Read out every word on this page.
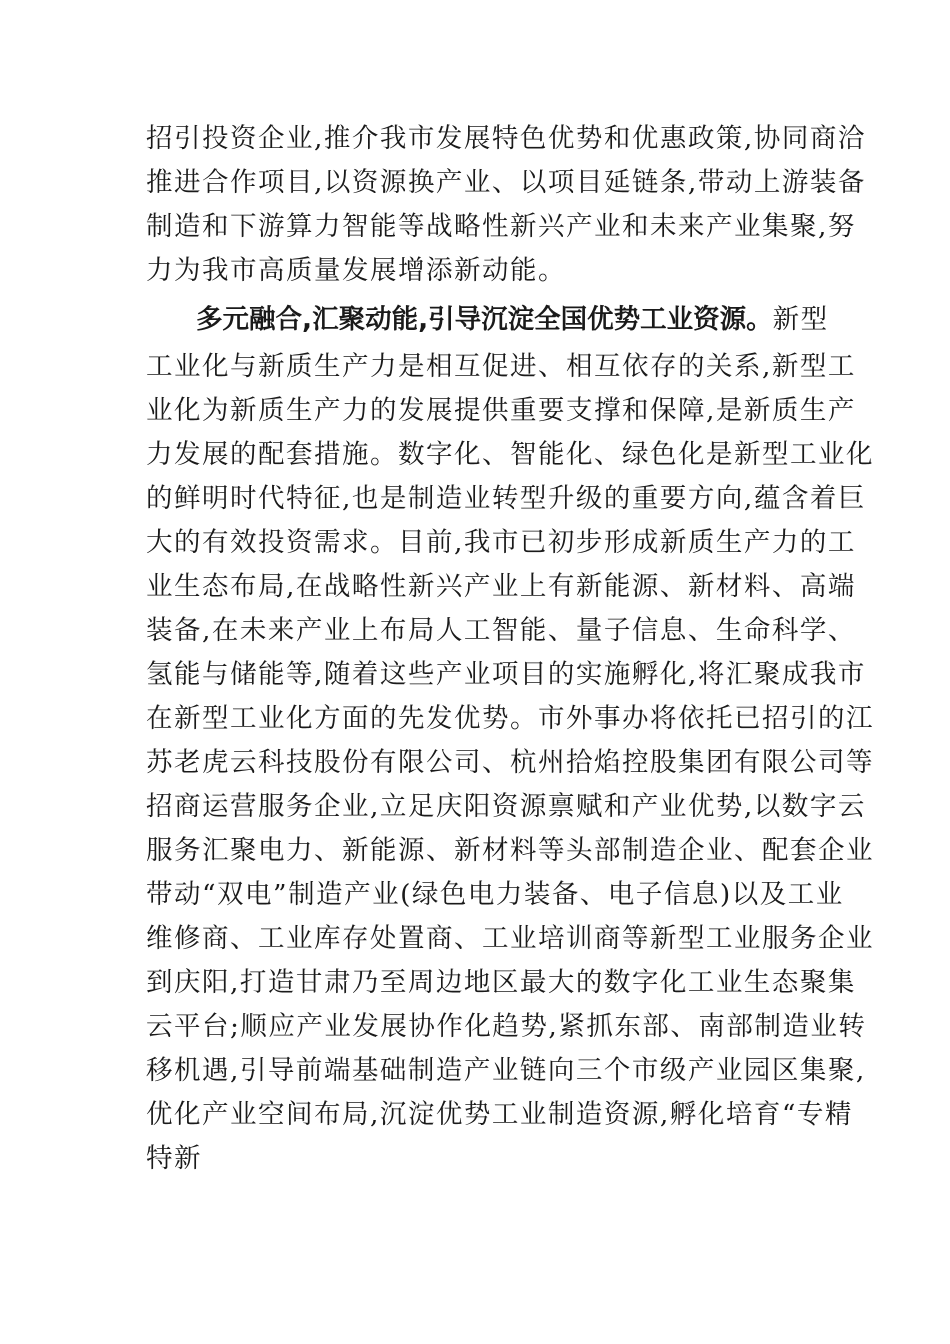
招引投资企业,推介我市发展特色优势和优惠政策,协同商洽
推进合作项目,以资源换产业、以项目延链条,带动上游装备
制造和下游算力智能等战略性新兴产业和未来产业集聚,努
力为我市高质量发展增添新动能。
多元融合,汇聚动能,引导沉淀全国优势工业资源。新型
工业化与新质生产力是相互促进、相互依存的关系,新型工
业化为新质生产力的发展提供重要支撑和保障,是新质生产
力发展的配套措施。数字化、智能化、绿色化是新型工业化
的鲜明时代特征,也是制造业转型升级的重要方向,蕴含着巨
大的有效投资需求。目前,我市已初步形成新质生产力的工
业生态布局,在战略性新兴产业上有新能源、新材料、高端
装备,在未来产业上布局人工智能、量子信息、生命科学、
氢能与储能等,随着这些产业项目的实施孵化,将汇聚成我市
在新型工业化方面的先发优势。市外事办将依托已招引的江
苏老虎云科技股份有限公司、杭州拾焰控股集团有限公司等
招商运营服务企业,立足庆阳资源禀赋和产业优势,以数字云
服务汇聚电力、新能源、新材料等头部制造企业、配套企业
带动“双电”制造产业(绿色电力装备、电子信息)以及工业
维修商、工业库存处置商、工业培训商等新型工业服务企业
到庆阳,打造甘肃乃至周边地区最大的数字化工业生态聚集
云平台;顺应产业发展协作化趋势,紧抓东部、南部制造业转
移机遇,引导前端基础制造产业链向三个市级产业园区集聚,
优化产业空间布局,沉淀优势工业制造资源,孵化培育“专精
特新
